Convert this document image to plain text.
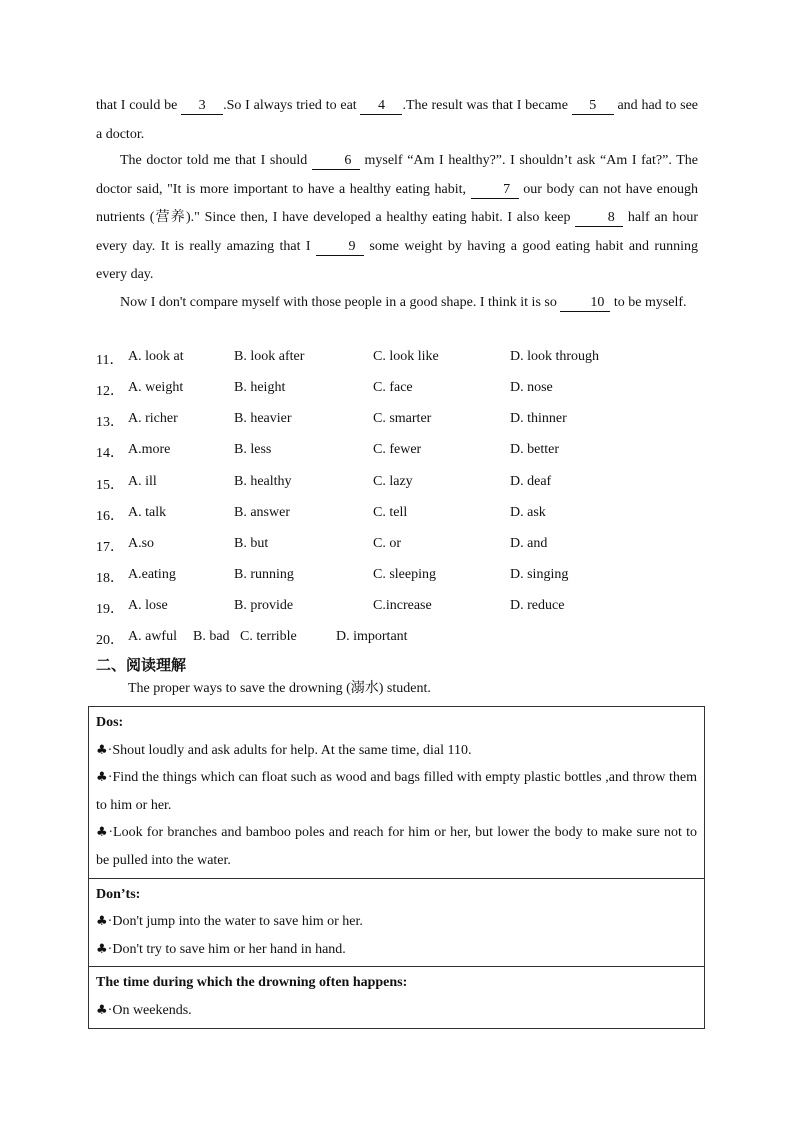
that I could be 3 .So I always tried to eat 4 .The result was that I became 5 and had to see a doctor.
The doctor told me that I should 6 myself “Am I healthy?”. I shouldn’t ask “Am I fat?”. The doctor said, "It is more important to have a healthy eating habit, 7 our body can not have enough nutrients (营养)." Since then, I have developed a healthy eating habit. I also keep 8 half an hour every day. It is really amazing that I 9 some weight by having a good eating habit and running every day.
Now I don't compare myself with those people in a good shape. I think it is so 10 to be myself.
11． A. look at	B. look after	C. look like	D. look through
12． A. weight	B. height	C. face	D. nose
13． A. richer	B. heavier	C. smarter	D. thinner
14． A.more	B. less	C. fewer	D. better
15． A. ill	B. healthy	C. lazy	D. deaf
16． A. talk	B. answer	C. tell	D. ask
17． A.so	B. but	C. or	D. and
18． A.eating	B. running	C. sleeping	D. singing
19． A. lose	B. provide	C.increase	D. reduce
20． A. awful B. bad C. terrible	D. important
二、阅读理解
The proper ways to save the drowning (溺水) student.
Dos:
♣·Shout loudly and ask adults for help. At the same time, dial 110.
♣·Find the things which can float such as wood and bags filled with empty plastic bottles ,and throw them to him or her.
♣·Look for branches and bamboo poles and reach for him or her, but lower the body to make sure not to be pulled into the water.

Don’ts:
♣·Don't jump into the water to save him or her.
♣·Don't try to save him or her hand in hand.

The time during which the drowning often happens:
♣·On weekends.
